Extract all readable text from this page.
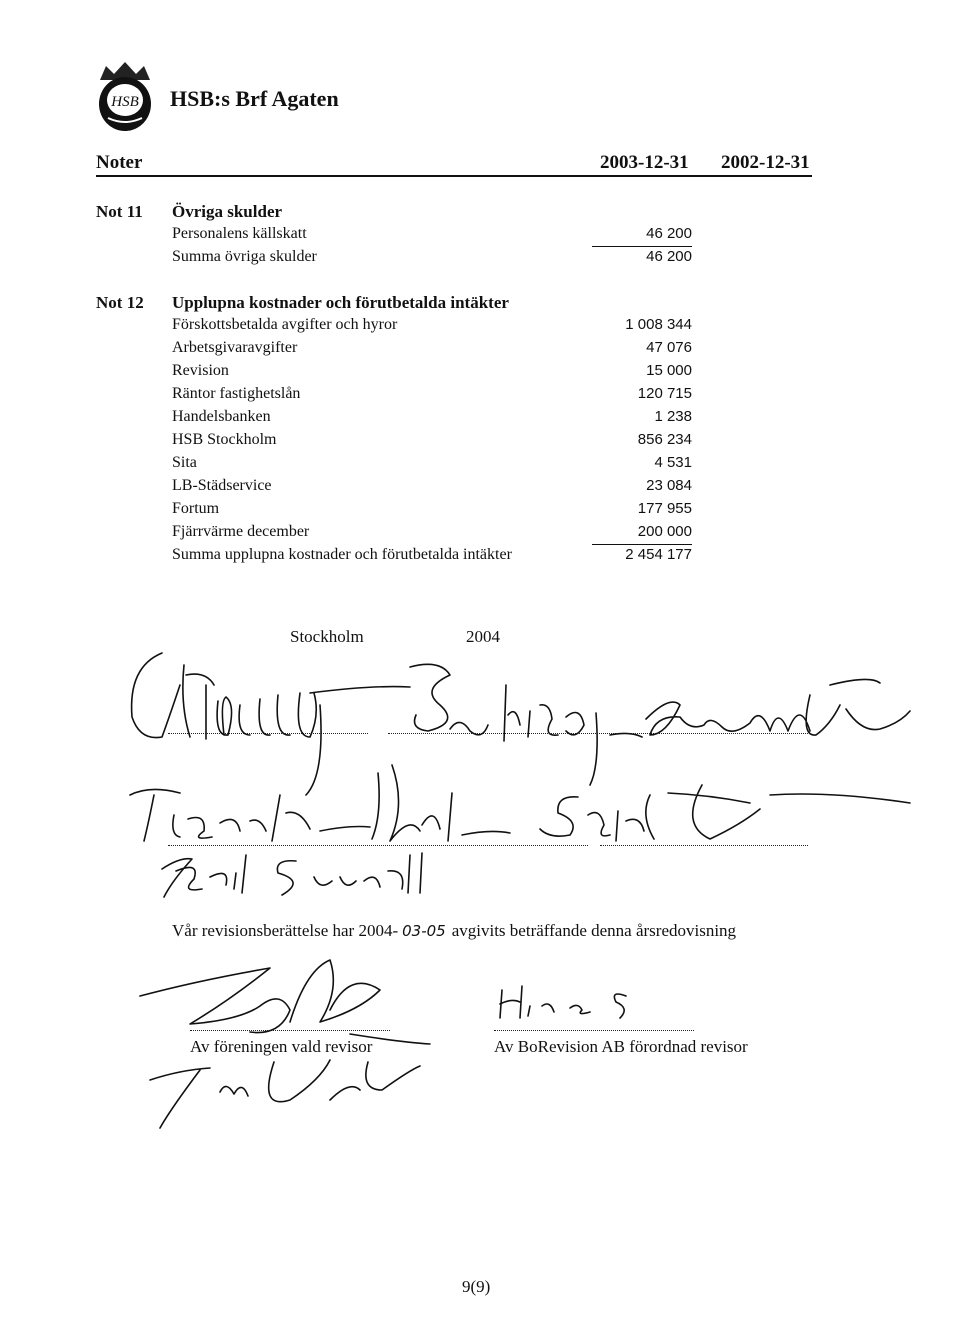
HSB HSB:s Brf Agaten
Noter	2003-12-31 2002-12-31
Not 11 Övriga skulder
Personalens källskatt	46 200
Summa övriga skulder	46 200
Not 12 Upplupna kostnader och förutbetalda intäkter
Förskottsbetalda avgifter och hyror	1 008 344
Arbetsgivaravgifter	47 076
Revision	15 000
Räntor fastighetslån	120 715
Handelsbanken	1 238
HSB Stockholm	856 234
Sita	4 531
LB-Städservice	23 084
Fortum	177 955
Fjärrvärme december	200 000
Summa upplupna kostnader och förutbetalda intäkter	2 454 177
Stockholm	2004
Vår revisionsberättelse har 2004- 03-05 avgivits beträffande denna årsredovisning
Av föreningen vald revisor	Av BoRevision AB förordnad revisor
9(9)
